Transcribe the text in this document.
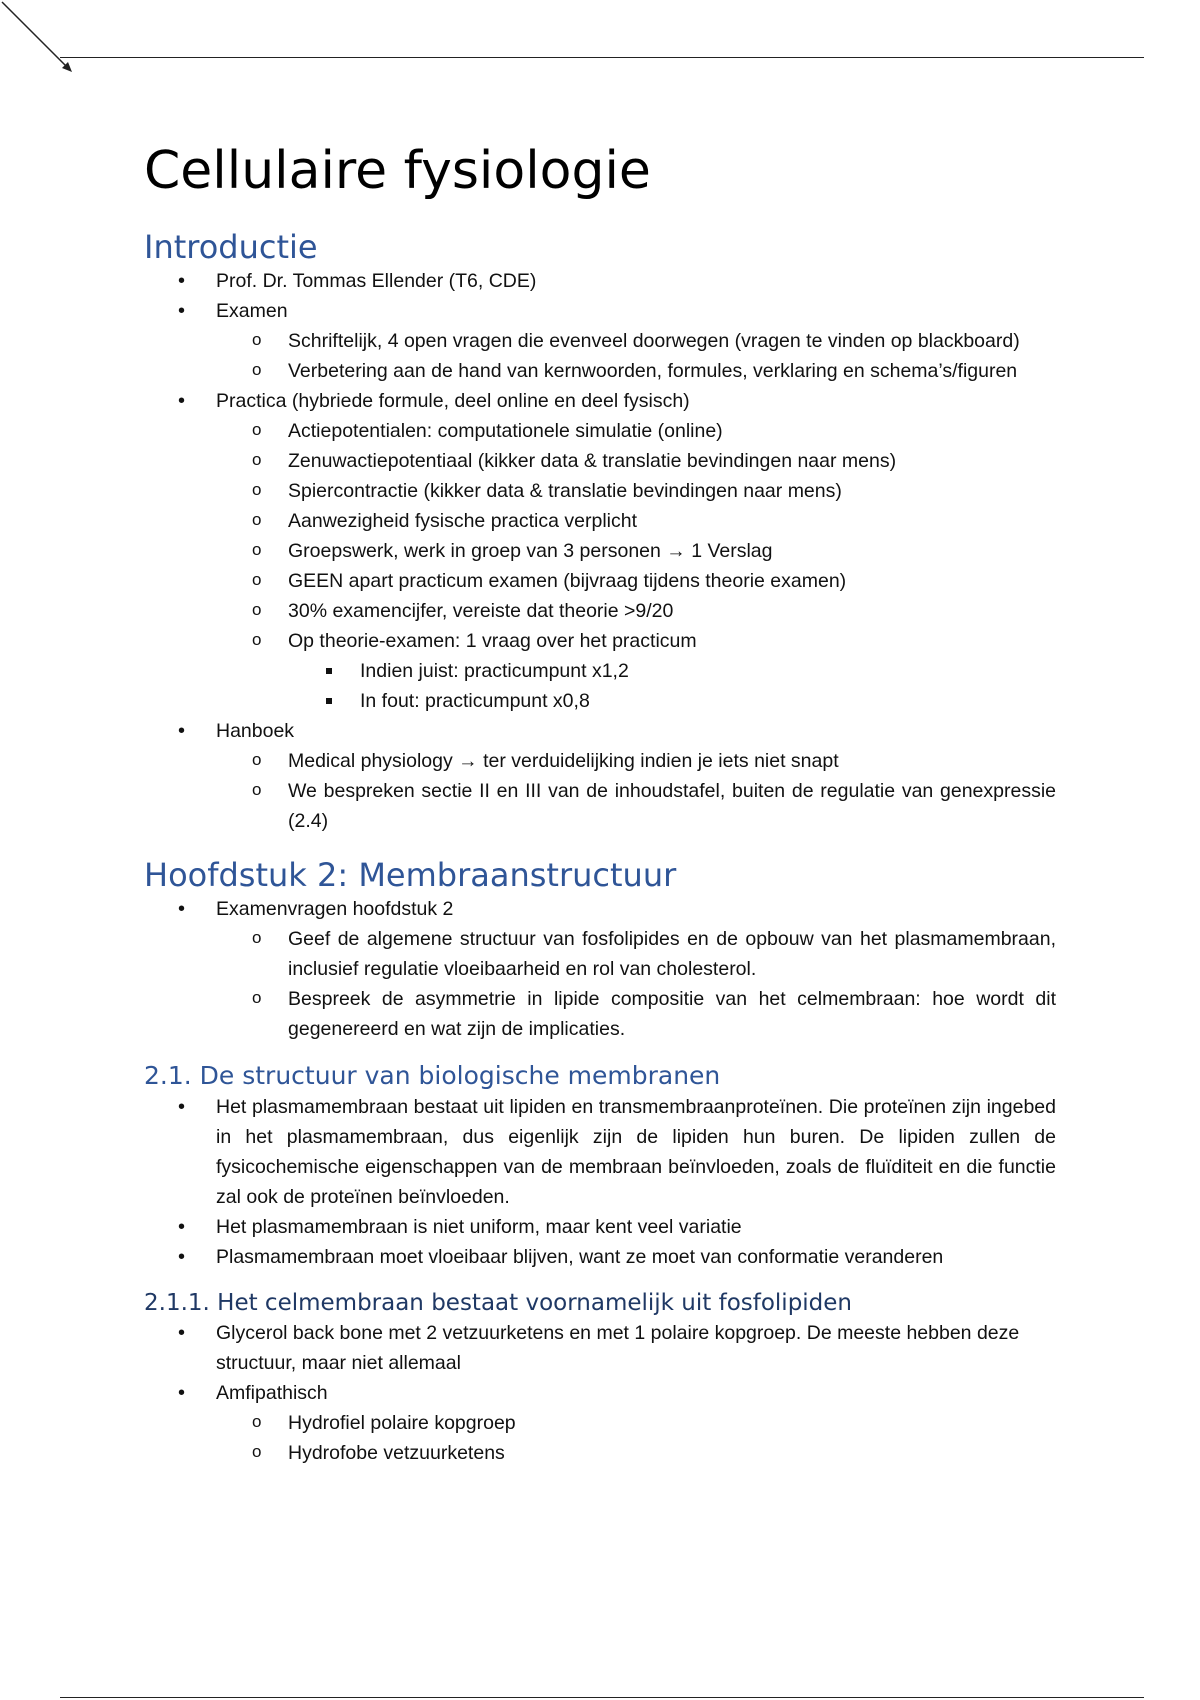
Cellulaire fysiologie
Introductie
• Prof. Dr. Tommas Ellender (T6, CDE)
• Examen
o Schriftelijk, 4 open vragen die evenveel doorwegen (vragen te vinden op blackboard)
o Verbetering aan de hand van kernwoorden, formules, verklaring en schema’s/figuren
• Practica (hybriede formule, deel online en deel fysisch)
o Actiepotentialen: computationele simulatie (online)
o Zenuwactiepotentiaal (kikker data & translatie bevindingen naar mens)
o Spiercontractie (kikker data & translatie bevindingen naar mens)
o Aanwezigheid fysische practica verplicht
o Groepswerk, werk in groep van 3 personen → 1 Verslag
o GEEN apart practicum examen (bijvraag tijdens theorie examen)
o 30% examencijfer, vereiste dat theorie >9/20
o Op theorie-examen: 1 vraag over het practicum
Indien juist: practicumpunt x1,2
In fout: practicumpunt x0,8
• Hanboek
o Medical physiology → ter verduidelijking indien je iets niet snapt
o We bespreken sectie II en III van de inhoudstafel, buiten de regulatie van genexpressie (2.4)
Hoofdstuk 2: Membraanstructuur
• Examenvragen hoofdstuk 2
o Geef de algemene structuur van fosfolipides en de opbouw van het plasmamembraan, inclusief regulatie vloeibaarheid en rol van cholesterol.
o Bespreek de asymmetrie in lipide compositie van het celmembraan: hoe wordt dit gegenereerd en wat zijn de implicaties.
2.1. De structuur van biologische membranen
• Het plasmamembraan bestaat uit lipiden en transmembraanproteïnen. Die proteïnen zijn ingebed in het plasmamembraan, dus eigenlijk zijn de lipiden hun buren. De lipiden zullen de fysicochemische eigenschappen van de membraan beïnvloeden, zoals de fluïditeit en die functie zal ook de proteïnen beïnvloeden.
• Het plasmamembraan is niet uniform, maar kent veel variatie
• Plasmamembraan moet vloeibaar blijven, want ze moet van conformatie veranderen
2.1.1. Het celmembraan bestaat voornamelijk uit fosfolipiden
• Glycerol back bone met 2 vetzuurketens en met 1 polaire kopgroep. De meeste hebben deze structuur, maar niet allemaal
• Amfipathisch
o Hydrofiel polaire kopgroep
o Hydrofobe vetzuurketens
